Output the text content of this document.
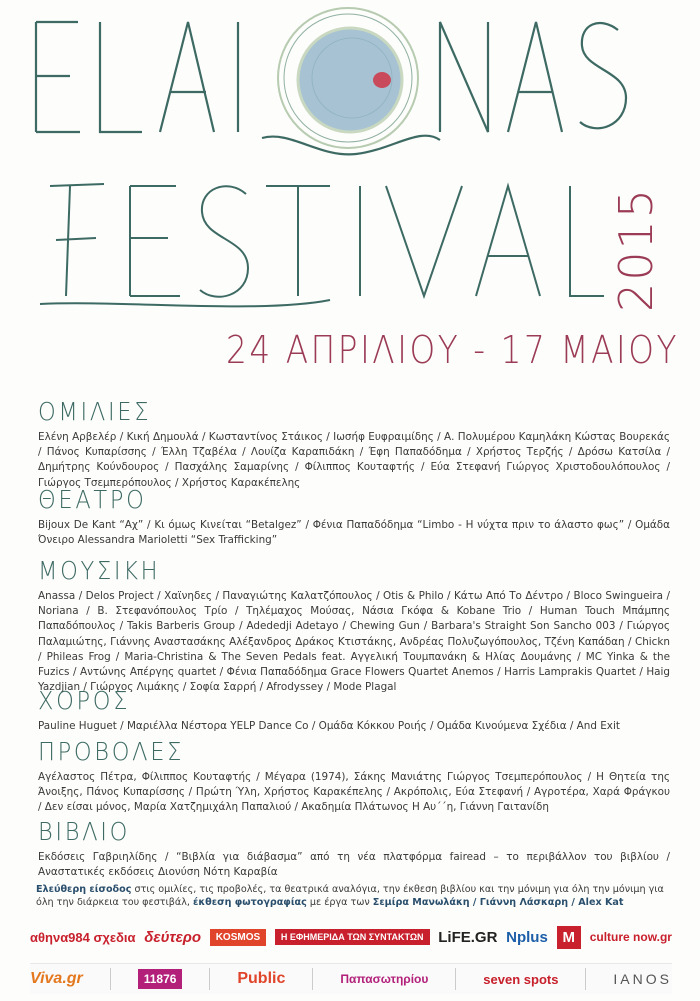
2015
24 ΑΠΡΙΛΙΟΥ - 17 ΜΑΙΟΥ
ΟΜΙΛΙΕΣ

Ελένη Αρβελέρ / Κική Δημουλά / Κωσταντίνος Στάικος / Ιωσήφ Ευφραιμίδης / Α. Πολυμέρου Καμηλάκη Κώστας Βουρεκάς / Πάνος Κυπαρίσσης / Έλλη Τζαβέλα / Λουίζα Καραπιδάκη / Έφη Παπαδόδημα / Χρήστος Τερζής / Δρόσω Κατσίλα / Δημήτρης Κούνδουρος / Πασχάλης Σαμαρίνης / Φίλιππος Κουταφτής / Εύα Στεφανή Γιώργος Χριστοδουλόπουλος / Γιώργος Τσεμπερόπουλος / Χρήστος Καρακέπελης

ΘΕΑΤΡΟ

Bijoux De Kant “Αχ” / Κι όμως Κινείται “Betalgez” / Φένια Παπαδόδημα “Limbo - Η νύχτα πριν το άλαστο φως” / Ομάδα Όνειρο Alessandra Marioletti “Sex Trafficking”

ΜΟΥΣΙΚΗ

Anassa / Delos Project / Χαϊνηδες / Παναγιώτης Καλατζόπουλος / Otis & Philo / Κάτω Από Το Δέντρο / Bloco Swingueira / Noriana / Β. Στεφανόπουλος Τρίο / Τηλέμαχος Μούσας, Νάσια Γκόφα & Kobane Trio / Human Touch Μπάμπης Παπαδόπουλος / Takis Barberis Group / Adededji Adetayo / Chewing Gun / Barbara's Straight Son Sancho 003 / Γιώργος Παλαμιώτης, Γιάννης Αναστασάκης Αλέξανδρος Δράκος Κτιστάκης, Ανδρέας Πολυζωγόπουλος, Τζένη Καπάδαη / Chickn / Phileas Frog / Maria-Christina & The Seven Pedals feat. Αγγελική Τουμπανάκη & Ηλίας Δουμάνης / MC Yinka & the Fuzics / Αντώνης Απέργης quartet / Φένια Παπαδόδημα Grace Flowers Quartet Anemos / Harris Lamprakis Quartet / Haig Yazdjian / Γιώργος Λιμάκης / Σοφία Σαρρή / Afrodyssey / Mode Plagal

ΧΟΡΟΣ

Pauline Huguet / Μαριέλλα Νέστορα YELP Dance Co / Ομάδα Κόκκου Ροιής / Ομάδα Κινούμενα Σχέδια / And Exit

ΠΡΟΒΟΛΕΣ

Αγέλαστος Πέτρα, Φίλιππος Κουταφτής / Μέγαρα (1974), Σάκης Μανιάτης Γιώργος Τσεμπερόπουλος / Η Θητεία της Άνοιξης, Πάνος Κυπαρίσσης / Πρώτη Ύλη, Χρήστος Καρακέπελης / Ακρόπολις, Εύα Στεφανή / Αγροτέρα, Χαρά Φράγκου / Δεν είσαι μόνος, Μαρία Χατζημιχάλη Παπαλιού / Ακαδημία Πλάτωνος Η Αυ΄΄η, Γιάννη Γαιτανίδη

ΒΙΒΛΙΟ

Εκδόσεις Γαβριηλίδης / “Βιβλία για διάβασμα” από τη νέα πλατφόρμα fairead – το περιβάλλον του βιβλίου / Αναστατικές εκδόσεις Διονύση Νότη Καραβία

Ελεύθερη είσοδος στις ομιλίες, τις προβολές, τα θεατρικά αναλόγια, την έκθεση βιβλίου και την μόνιμη για όλη την μόνιμη για όλη την διάρκεια του φεστιβάλ, έκθεση φωτογραφίας με έργα των Σεμίρα Μανωλάκη / Γιάννη Λάσκαρη / Alex Kat
αθηνα984 σχεδια δεύτερο	KOSMOS	Η ΕΦΗΜΕΡΙΔΑ ΤΩΝ ΣΥΝΤΑΚΤΩΝ LiFE.GR Nplus M	culture now.gr
Viva.gr	11876	Public	Παπασωτηρίου	seven spots	IANOS
